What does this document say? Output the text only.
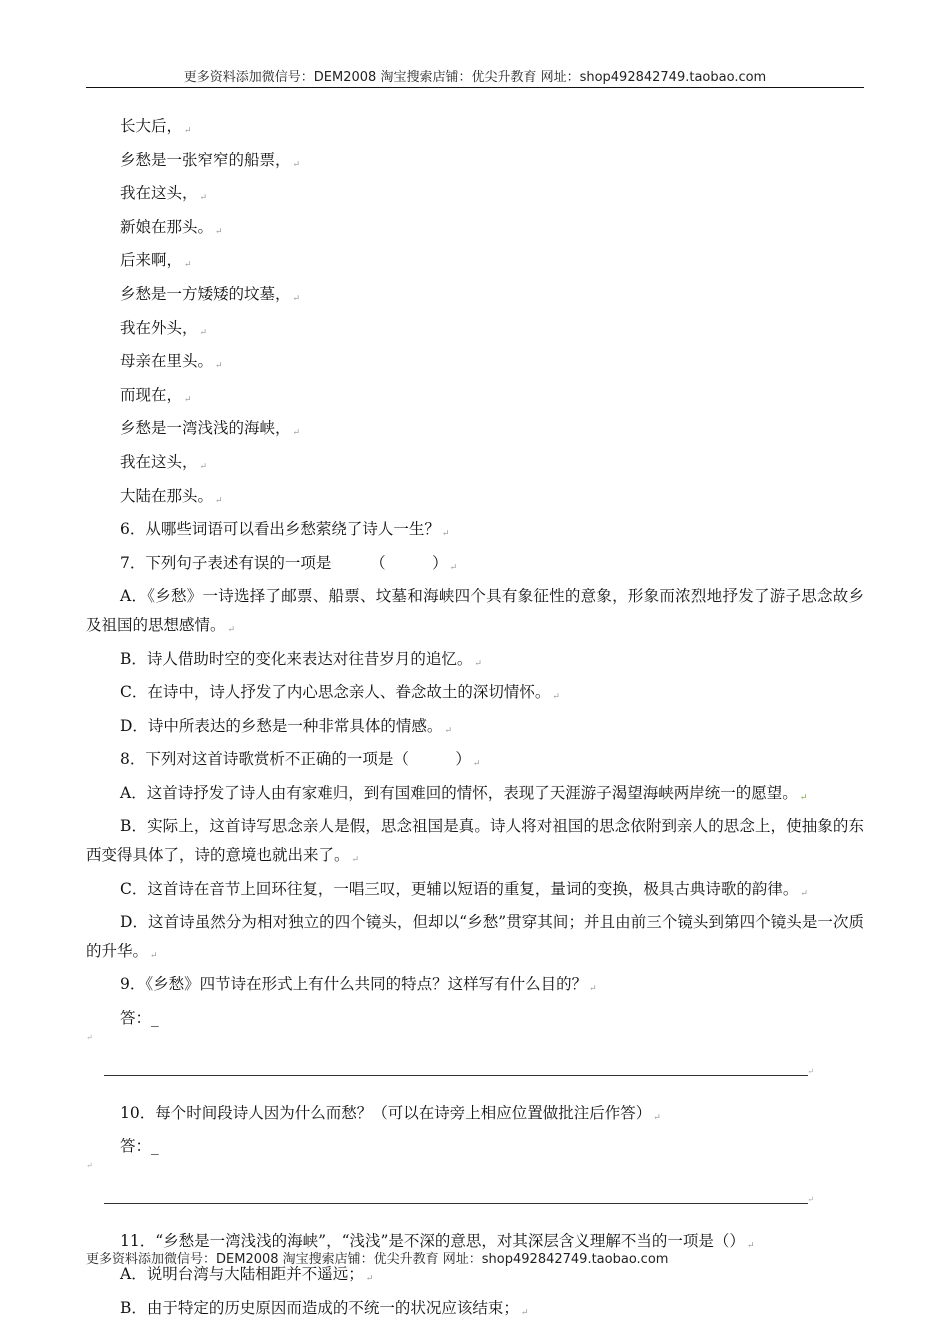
更多资料添加微信号：DEM2008 淘宝搜索店铺：优尖升教育 网址：shop492842749.taobao.com
长大后， ↵
乡愁是一张窄窄的船票， ↵
我在这头， ↵
新娘在那头。 ↵
后来啊， ↵
乡愁是一方矮矮的坟墓， ↵
我在外头， ↵
母亲在里头。 ↵
而现在， ↵
乡愁是一湾浅浅的海峡， ↵
我在这头， ↵
大陆在那头。 ↵
6．从哪些词语可以看出乡愁萦绕了诗人一生？ ↵
7．下列句子表述有误的一项是　　　（　　　） ↵
A．《乡愁》一诗选择了邮票、船票、坟墓和海峡四个具有象征性的意象，形象而浓烈地抒发了游子思念故乡及祖国的思想感情。 ↵
B．诗人借助时空的变化来表达对往昔岁月的追忆。 ↵
C．在诗中，诗人抒发了内心思念亲人、眷念故土的深切情怀。 ↵
D．诗中所表达的乡愁是一种非常具体的情感。 ↵
8．下列对这首诗歌赏析不正确的一项是（　　　） ↵
A．这首诗抒发了诗人由有家难归，到有国难回的情怀，表现了天涯游子渴望海峡两岸统一的愿望。 ↵
B．实际上，这首诗写思念亲人是假，思念祖国是真。诗人将对祖国的思念依附到亲人的思念上，使抽象的东西变得具体了，诗的意境也就出来了。 ↵
C．这首诗在音节上回环往复，一唱三叹，更辅以短语的重复，量词的变换，极具古典诗歌的韵律。 ↵
D．这首诗虽然分为相对独立的四个镜头，但却以“乡愁”贯穿其间；并且由前三个镜头到第四个镜头是一次质的升华。 ↵
9．《乡愁》四节诗在形式上有什么共同的特点？这样写有什么目的？ ↵
答：_
↵
↵
10．每个时间段诗人因为什么而愁？（可以在诗旁上相应位置做批注后作答） ↵
答：_
↵
↵
11．“乡愁是一湾浅浅的海峡”，“浅浅”是不深的意思，对其深层含义理解不当的一项是（） ↵
A．说明台湾与大陆相距并不遥远； ↵
B．由于特定的历史原因而造成的不统一的状况应该结束； ↵
更多资料添加微信号：DEM2008 淘宝搜索店铺：优尖升教育 网址：shop492842749.taobao.com
